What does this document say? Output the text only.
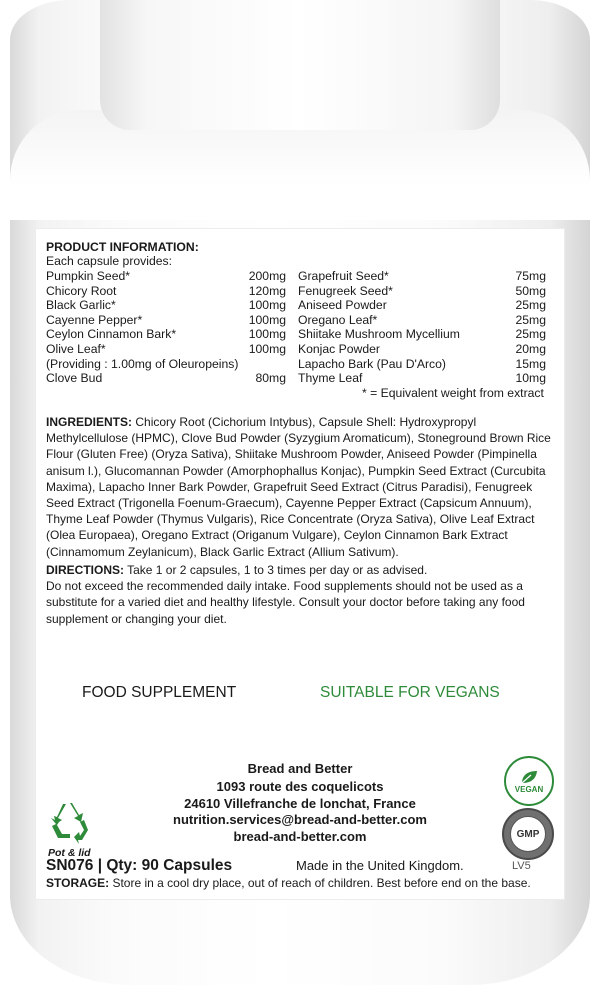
PRODUCT INFORMATION:
Each capsule provides:
Pumpkin Seed*	200mg
Chicory Root	120mg
Black Garlic*	100mg
Cayenne Pepper*	100mg
Ceylon Cinnamon Bark*	100mg
Olive Leaf*	100mg
(Providing : 1.00mg of Oleuropeins)
Clove Bud	80mg
Grapefruit Seed*	75mg
Fenugreek Seed*	50mg
Aniseed Powder	25mg
Oregano Leaf*	25mg
Shiitake Mushroom Mycellium	25mg
Konjac Powder	20mg
Lapacho Bark (Pau D'Arco)	15mg
Thyme Leaf	10mg
* = Equivalent weight from extract
INGREDIENTS: Chicory Root (Cichorium Intybus), Capsule Shell: Hydroxypropyl Methylcellulose (HPMC), Clove Bud Powder (Syzygium Aromaticum), Stoneground Brown Rice Flour (Gluten Free) (Oryza Sativa), Shiitake Mushroom Powder, Aniseed Powder (Pimpinella anisum l.), Glucomannan Powder (Amorphophallus Konjac), Pumpkin Seed Extract (Curcubita Maxima), Lapacho Inner Bark Powder, Grapefruit Seed Extract (Citrus Paradisi), Fenugreek Seed Extract (Trigonella Foenum-Graecum), Cayenne Pepper Extract (Capsicum Annuum), Thyme Leaf Powder (Thymus Vulgaris), Rice Concentrate (Oryza Sativa), Olive Leaf Extract (Olea Europaea), Oregano Extract (Origanum Vulgare), Ceylon Cinnamon Bark Extract (Cinnamomum Zeylanicum), Black Garlic Extract (Allium Sativum).
DIRECTIONS: Take 1 or 2 capsules, 1 to 3 times per day or as advised.
Do not exceed the recommended daily intake. Food supplements should not be used as a substitute for a varied diet and healthy lifestyle. Consult your doctor before taking any food supplement or changing your diet.
FOOD SUPPLEMENT	SUITABLE FOR VEGANS
Bread and Better
1093 route des coquelicots
24610 Villefranche de lonchat, France
nutrition.services@bread-and-better.com
bread-and-better.com
Pot & lid
VEGAN
GMP
SN076 | Qty: 90 Capsules	Made in the United Kingdom.	LV5
STORAGE: Store in a cool dry place, out of reach of children. Best before end on the base.
